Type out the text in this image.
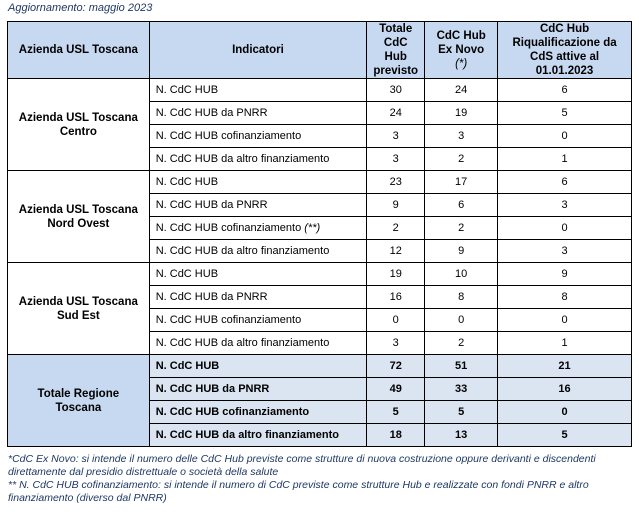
Aggiornamento: maggio 2023
Azienda USL Toscana	Indicatori	Totale CdC Hub previsto	CdC Hub Ex Novo (*)	CdC Hub Riqualificazione da CdS attive al 01.01.2023
Azienda USL Toscana Centro	N. CdC HUB	30	24	6
	N. CdC HUB da PNRR	24	19	5
	N. CdC HUB cofinanziamento	3	3	0
	N. CdC HUB da altro finanziamento	3	2	1
Azienda USL Toscana Nord Ovest	N. CdC HUB	23	17	6
	N. CdC HUB da PNRR	9	6	3
	N. CdC HUB cofinanziamento (**)	2	2	0
	N. CdC HUB da altro finanziamento	12	9	3
Azienda USL Toscana Sud Est	N. CdC HUB	19	10	9
	N. CdC HUB da PNRR	16	8	8
	N. CdC HUB cofinanziamento	0	0	0
	N. CdC HUB da altro finanziamento	3	2	1
Totale Regione Toscana	N. CdC HUB	72	51	21
	N. CdC HUB da PNRR	49	33	16
	N. CdC HUB cofinanziamento	5	5	0
	N. CdC HUB da altro finanziamento	18	13	5

*CdC Ex Novo: si intende il numero delle CdC Hub previste come strutture di nuova costruzione oppure derivanti e discendenti direttamente dal presidio distrettuale o società della salute

** N. CdC HUB cofinanziamento: si intende il numero di CdC previste come strutture Hub e realizzate con fondi PNRR e altro finanziamento (diverso dal PNRR)
